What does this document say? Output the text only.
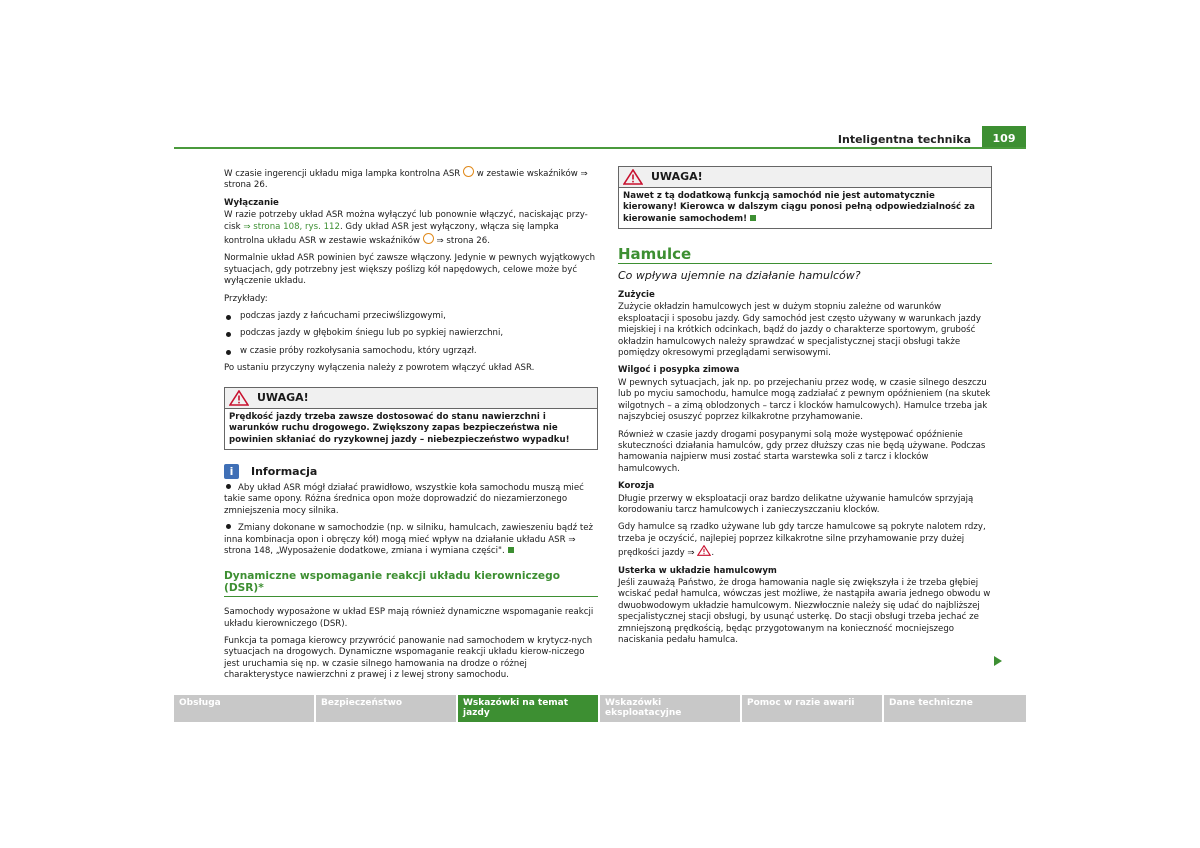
Inteligentna technika	109

W czasie ingerencji układu miga lampka kontrolna ASR w zestawie wskaźników ⇒ strona 26.

Wyłączanie

W razie potrzeby układ ASR można wyłączyć lub ponownie włączyć, naciskając przy-cisk ⇒ strona 108, rys. 112. Gdy układ ASR jest wyłączony, włącza się lampka kontrolna układu ASR w zestawie wskaźników ⇒ strona 26.

Normalnie układ ASR powinien być zawsze włączony. Jedynie w pewnych wyjątkowych sytuacjach, gdy potrzebny jest większy poślizg kół napędowych, celowe może być wyłączenie układu.

Przykłady:

podczas jazdy z łańcuchami przeciwślizgowymi,
podczas jazdy w głębokim śniegu lub po sypkiej nawierzchni,
w czasie próby rozkołysania samochodu, który ugrzązł.

Po ustaniu przyczyny wyłączenia należy z powrotem włączyć układ ASR.

UWAGA!
Prędkość jazdy trzeba zawsze dostosować do stanu nawierzchni i warunków ruchu drogowego. Zwiększony zapas bezpieczeństwa nie powinien skłaniać do ryzykownej jazdy – niebezpieczeństwo wypadku!
i	Informacja

Aby układ ASR mógł działać prawidłowo, wszystkie koła samochodu muszą mieć takie same opony. Różna średnica opon może doprowadzić do niezamierzonego zmniejszenia mocy silnika.

Zmiany dokonane w samochodzie (np. w silniku, hamulcach, zawieszeniu bądź też inna kombinacja opon i obręczy kół) mogą mieć wpływ na działanie układu ASR ⇒ strona 148, „Wyposażenie dodatkowe, zmiana i wymiana części".

Dynamiczne wspomaganie reakcji układu kierowniczego (DSR)*

Samochody wyposażone w układ ESP mają również dynamiczne wspomaganie reakcji układu kierowniczego (DSR).

Funkcja ta pomaga kierowcy przywrócić panowanie nad samochodem w krytycz-nych sytuacjach na drogowych. Dynamiczne wspomaganie reakcji układu kierow-niczego jest uruchamia się np. w czasie silnego hamowania na drodze o różnej charakterystyce nawierzchni z prawej i z lewej strony samochodu.

UWAGA!
Nawet z tą dodatkową funkcją samochód nie jest automatycznie kierowany! Kierowca w dalszym ciągu ponosi pełną odpowiedzialność za kierowanie samochodem!
Hamulce
Co wpływa ujemnie na działanie hamulców?
Zużycie

Zużycie okładzin hamulcowych jest w dużym stopniu zależne od warunków eksploatacji i sposobu jazdy. Gdy samochód jest często używany w warunkach jazdy miejskiej i na krótkich odcinkach, bądź do jazdy o charakterze sportowym, grubość okładzin hamulcowych należy sprawdzać w specjalistycznej stacji obsługi także pomiędzy okresowymi przeglądami serwisowymi.

Wilgoć i posypka zimowa

W pewnych sytuacjach, jak np. po przejechaniu przez wodę, w czasie silnego deszczu lub po myciu samochodu, hamulce mogą zadziałać z pewnym opóźnieniem (na skutek wilgotnych – a zimą oblodzonych – tarcz i klocków hamulcowych). Hamulce trzeba jak najszybciej osuszyć poprzez kilkakrotne przyhamowanie.

Również w czasie jazdy drogami posypanymi solą może występować opóźnienie skuteczności działania hamulców, gdy przez dłuższy czas nie będą używane. Podczas hamowania najpierw musi zostać starta warstewka soli z tarcz i klocków hamulcowych.

Korozja

Długie przerwy w eksploatacji oraz bardzo delikatne używanie hamulców sprzyjają korodowaniu tarcz hamulcowych i zanieczyszczaniu klocków.

Gdy hamulce są rzadko używane lub gdy tarcze hamulcowe są pokryte nalotem rdzy, trzeba je oczyścić, najlepiej poprzez kilkakrotne silne przyhamowanie przy dużej prędkości jazdy ⇒ .

Usterka w układzie hamulcowym

Jeśli zauważą Państwo, że droga hamowania nagle się zwiększyła i że trzeba głębiej wciskać pedał hamulca, wówczas jest możliwe, że nastąpiła awaria jednego obwodu w dwuobwodowym układzie hamulcowym. Niezwłocznie należy się udać do najbliższej specjalistycznej stacji obsługi, by usunąć usterkę. Do stacji obsługi trzeba jechać ze zmniejszoną prędkością, będąc przygotowanym na konieczność mocniejszego naciskania pedału hamulca.

Obsługa	Bezpieczeństwo	Wskazówki na temat jazdy
Wskazówki eksploatacyjne
Pomoc w razie awarii	Dane techniczne
